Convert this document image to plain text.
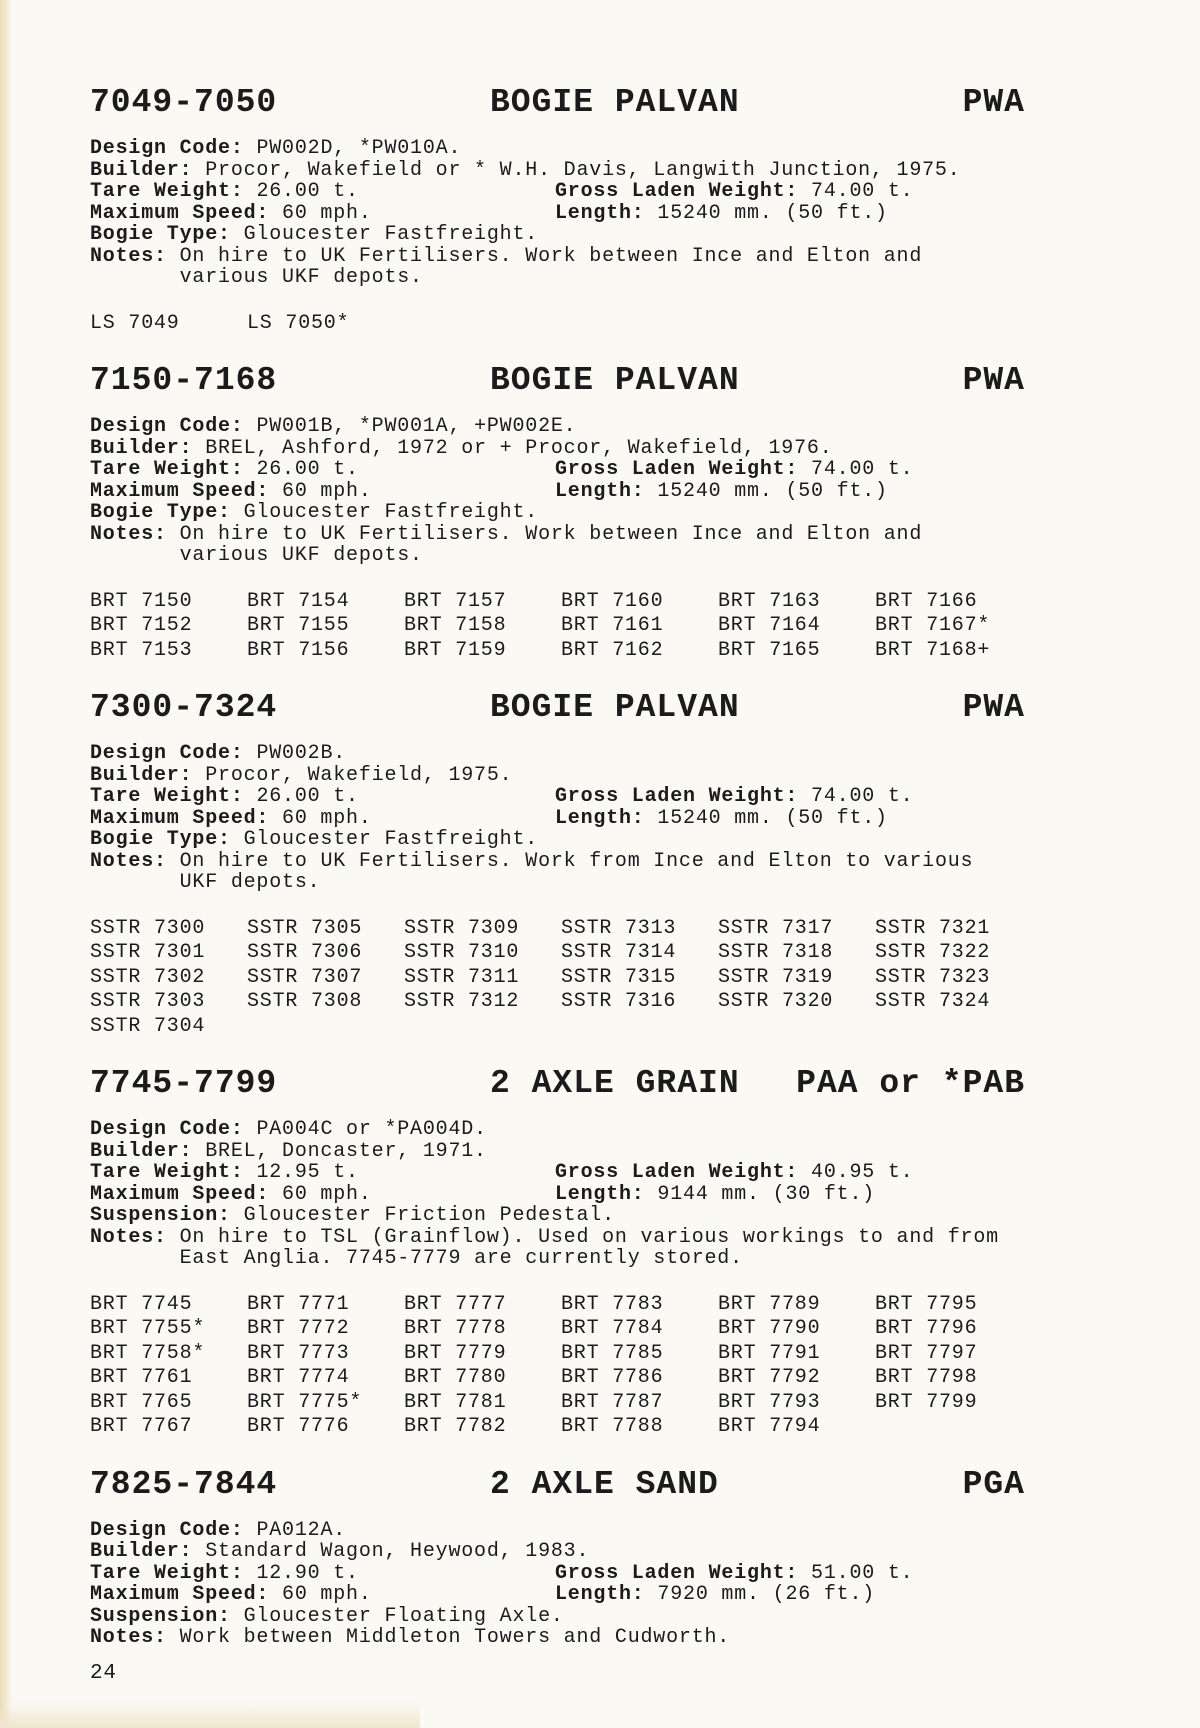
7049-7050	BOGIE PALVAN	PWA
Design Code: PW002D, *PW010A.
Builder: Procor, Wakefield or * W.H. Davis, Langwith Junction, 1975.
Tare Weight: 26.00 t.	Gross Laden Weight: 74.00 t.
Maximum Speed: 60 mph.	Length: 15240 mm. (50 ft.)
Bogie Type: Gloucester Fastfreight.
Notes: On hire to UK Fertilisers. Work between Ince and Elton and
various UKF depots.
LS 7049	LS 7050*
7150-7168	BOGIE PALVAN	PWA
Design Code: PW001B, *PW001A, +PW002E.
Builder: BREL, Ashford, 1972 or + Procor, Wakefield, 1976.
Tare Weight: 26.00 t.	Gross Laden Weight: 74.00 t.
Maximum Speed: 60 mph.	Length: 15240 mm. (50 ft.)
Bogie Type: Gloucester Fastfreight.
Notes: On hire to UK Fertilisers. Work between Ince and Elton and
various UKF depots.
BRT 7150	BRT 7154	BRT 7157	BRT 7160	BRT 7163	BRT 7166
BRT 7152	BRT 7155	BRT 7158	BRT 7161	BRT 7164	BRT 7167*
BRT 7153	BRT 7156	BRT 7159	BRT 7162	BRT 7165	BRT 7168+
7300-7324	BOGIE PALVAN	PWA
Design Code: PW002B.
Builder: Procor, Wakefield, 1975.
Tare Weight: 26.00 t.	Gross Laden Weight: 74.00 t.
Maximum Speed: 60 mph.	Length: 15240 mm. (50 ft.)
Bogie Type: Gloucester Fastfreight.
Notes: On hire to UK Fertilisers. Work from Ince and Elton to various
UKF depots.
SSTR 7300	SSTR 7305	SSTR 7309	SSTR 7313	SSTR 7317	SSTR 7321
SSTR 7301	SSTR 7306	SSTR 7310	SSTR 7314	SSTR 7318	SSTR 7322
SSTR 7302	SSTR 7307	SSTR 7311	SSTR 7315	SSTR 7319	SSTR 7323
SSTR 7303	SSTR 7308	SSTR 7312	SSTR 7316	SSTR 7320	SSTR 7324
SSTR 7304
7745-7799	2 AXLE GRAIN	PAA or *PAB
Design Code: PA004C or *PA004D.
Builder: BREL, Doncaster, 1971.
Tare Weight: 12.95 t.	Gross Laden Weight: 40.95 t.
Maximum Speed: 60 mph.	Length: 9144 mm. (30 ft.)
Suspension: Gloucester Friction Pedestal.
Notes: On hire to TSL (Grainflow). Used on various workings to and from
East Anglia. 7745-7779 are currently stored.
BRT 7745	BRT 7771	BRT 7777	BRT 7783	BRT 7789	BRT 7795
BRT 7755*	BRT 7772	BRT 7778	BRT 7784	BRT 7790	BRT 7796
BRT 7758*	BRT 7773	BRT 7779	BRT 7785	BRT 7791	BRT 7797
BRT 7761	BRT 7774	BRT 7780	BRT 7786	BRT 7792	BRT 7798
BRT 7765	BRT 7775*	BRT 7781	BRT 7787	BRT 7793	BRT 7799
BRT 7767	BRT 7776	BRT 7782	BRT 7788	BRT 7794
7825-7844	2 AXLE SAND	PGA
Design Code: PA012A.
Builder: Standard Wagon, Heywood, 1983.
Tare Weight: 12.90 t.	Gross Laden Weight: 51.00 t.
Maximum Speed: 60 mph.	Length: 7920 mm. (26 ft.)
Suspension: Gloucester Floating Axle.
Notes: Work between Middleton Towers and Cudworth.
24
